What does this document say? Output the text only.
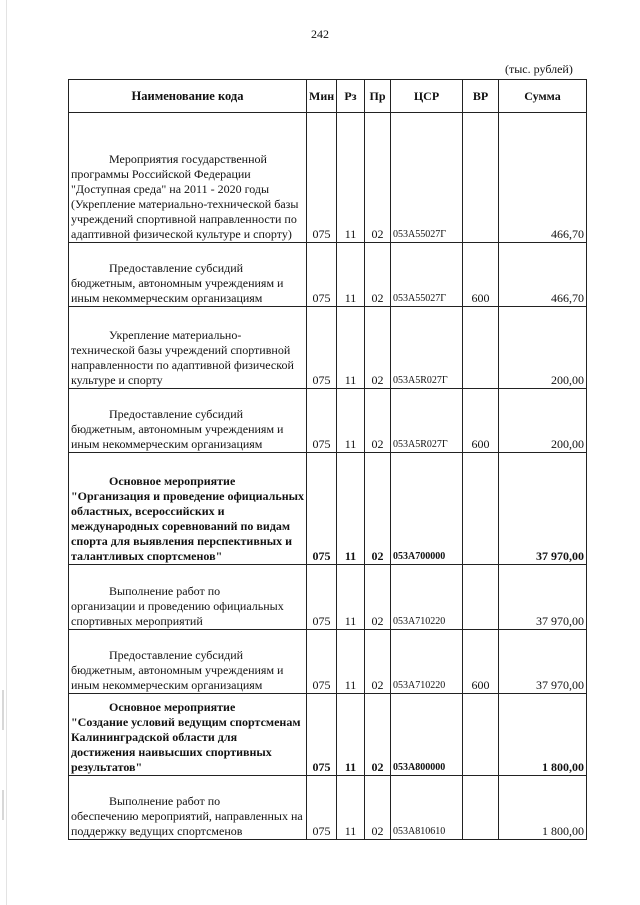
242
(тыс. рублей)
Наименование кода	Мин	Рз	Пр	ЦСР	ВР	Сумма

Мероприятия государственной
программы Российской Федерации "Доступная среда" на 2011 - 2020 годы (Укрепление материально-технической базы учреждений спортивной направленности по адаптивной физической культуре и спорту)	075	11	02	053А55027Г		466,70

Предоставление субсидий
бюджетным, автономным учреждениям и иным некоммерческим организациям	075	11	02	053А55027Г	600	466,70

Укрепление материально-
технической базы учреждений спортивной направленности по адаптивной физической культуре и спорту	075	11	02	053А5R027Г		200,00

Предоставление субсидий
бюджетным, автономным учреждениям и иным некоммерческим организациям	075	11	02	053А5R027Г	600	200,00

Основное мероприятие
"Организация и проведение официальных областных, всероссийских и международных соревнований по видам спорта для выявления перспективных и талантливых спортсменов"	075	11	02	053А700000		37 970,00

Выполнение работ по
организации и проведению официальных спортивных мероприятий	075	11	02	053А710220		37 970,00

Предоставление субсидий
бюджетным, автономным учреждениям и иным некоммерческим организациям	075	11	02	053А710220	600	37 970,00

Основное мероприятие
"Создание условий ведущим спортсменам Калининградской области для достижения наивысших спортивных результатов"	075	11	02	053А800000		1 800,00

Выполнение работ по
обеспечению мероприятий, направленных на поддержку ведущих спортсменов	075	11	02	053А810610		1 800,00
